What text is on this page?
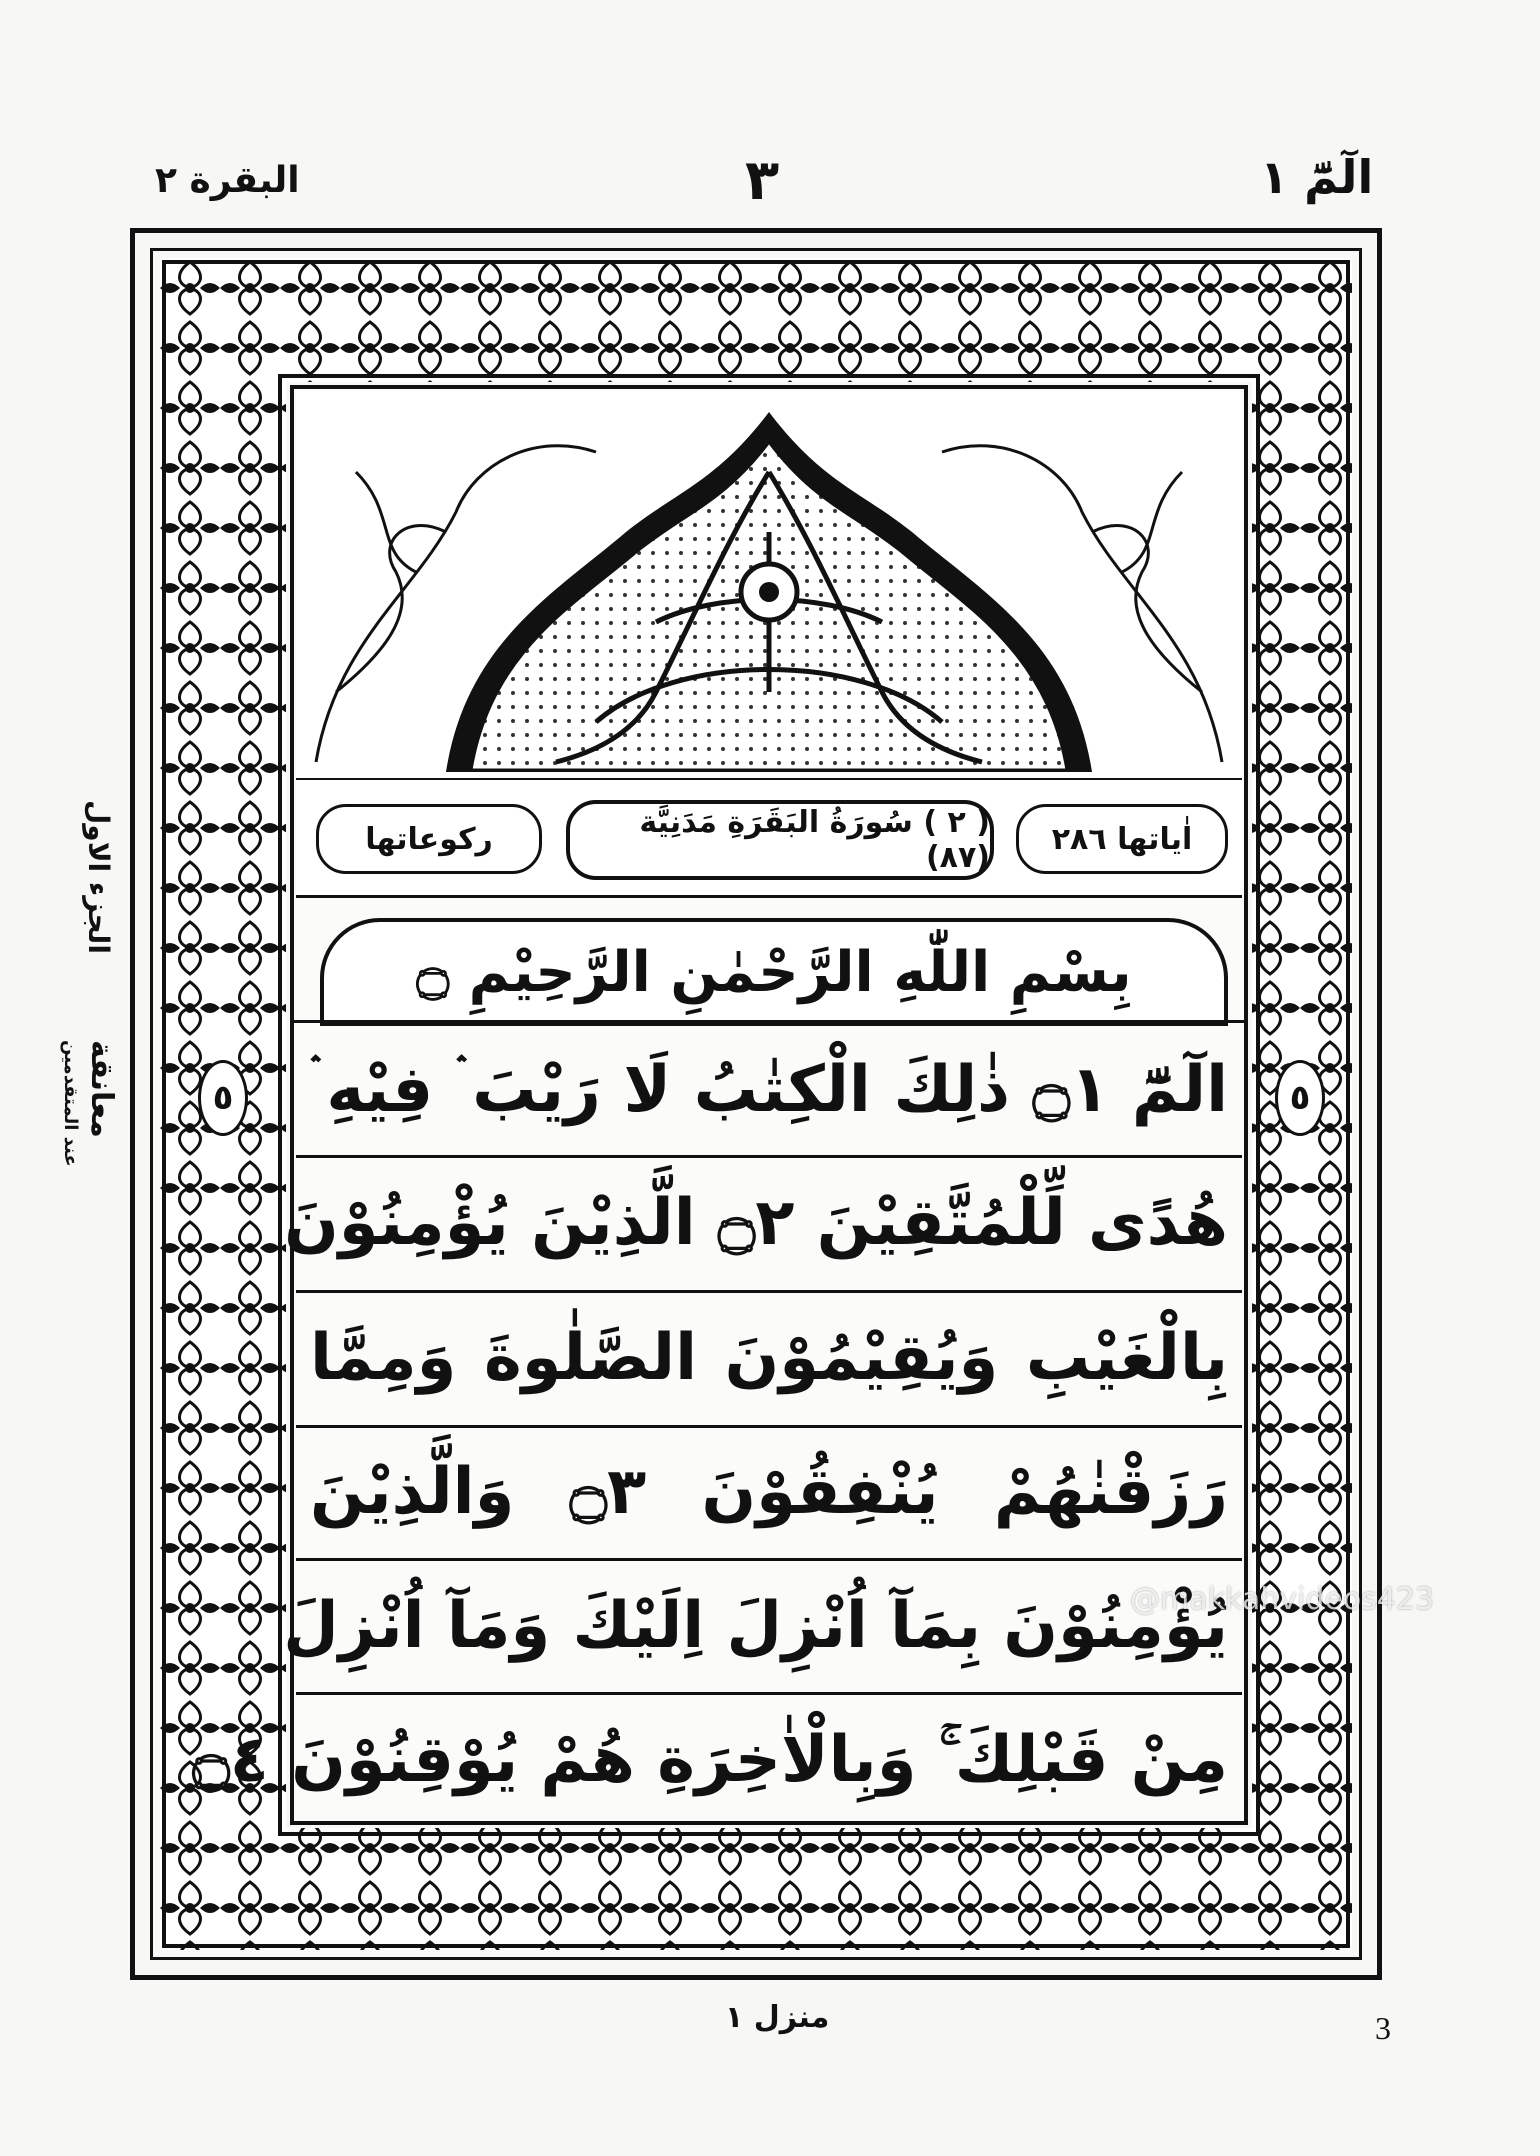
البقرة ٢	٣	الٓمّٓ ١
رکوعاتھا	( ٢ ) سُورَةُ البَقَرَةِ مَدَنِيَّة (٨٧)
اٰیاتھا ٢٨٦
بِسْمِ اللّٰهِ الرَّحْمٰنِ الرَّحِيْمِ ۝
الٓمّٓ ۝١ ذٰلِكَ الْكِتٰبُ لَا رَيْبَ ۛ فِيْهِ ۛ
هُدًى لِّلْمُتَّقِيْنَ ۝٢ الَّذِيْنَ يُؤْمِنُوْنَ
بِالْغَيْبِ وَيُقِيْمُوْنَ الصَّلٰوةَ وَمِمَّا
رَزَقْنٰهُمْ يُنْفِقُوْنَ ۝٣ وَالَّذِيْنَ
يُؤْمِنُوْنَ بِمَآ اُنْزِلَ اِلَيْكَ وَمَآ اُنْزِلَ
مِنْ قَبْلِكَ ۚ وَبِالْاٰخِرَةِ هُمْ يُوْقِنُوْنَ ۝٤
٥	٥
الجزء الاول
معانقة
عند المتقدمين
@makkahvideos423
منزل ١	3
